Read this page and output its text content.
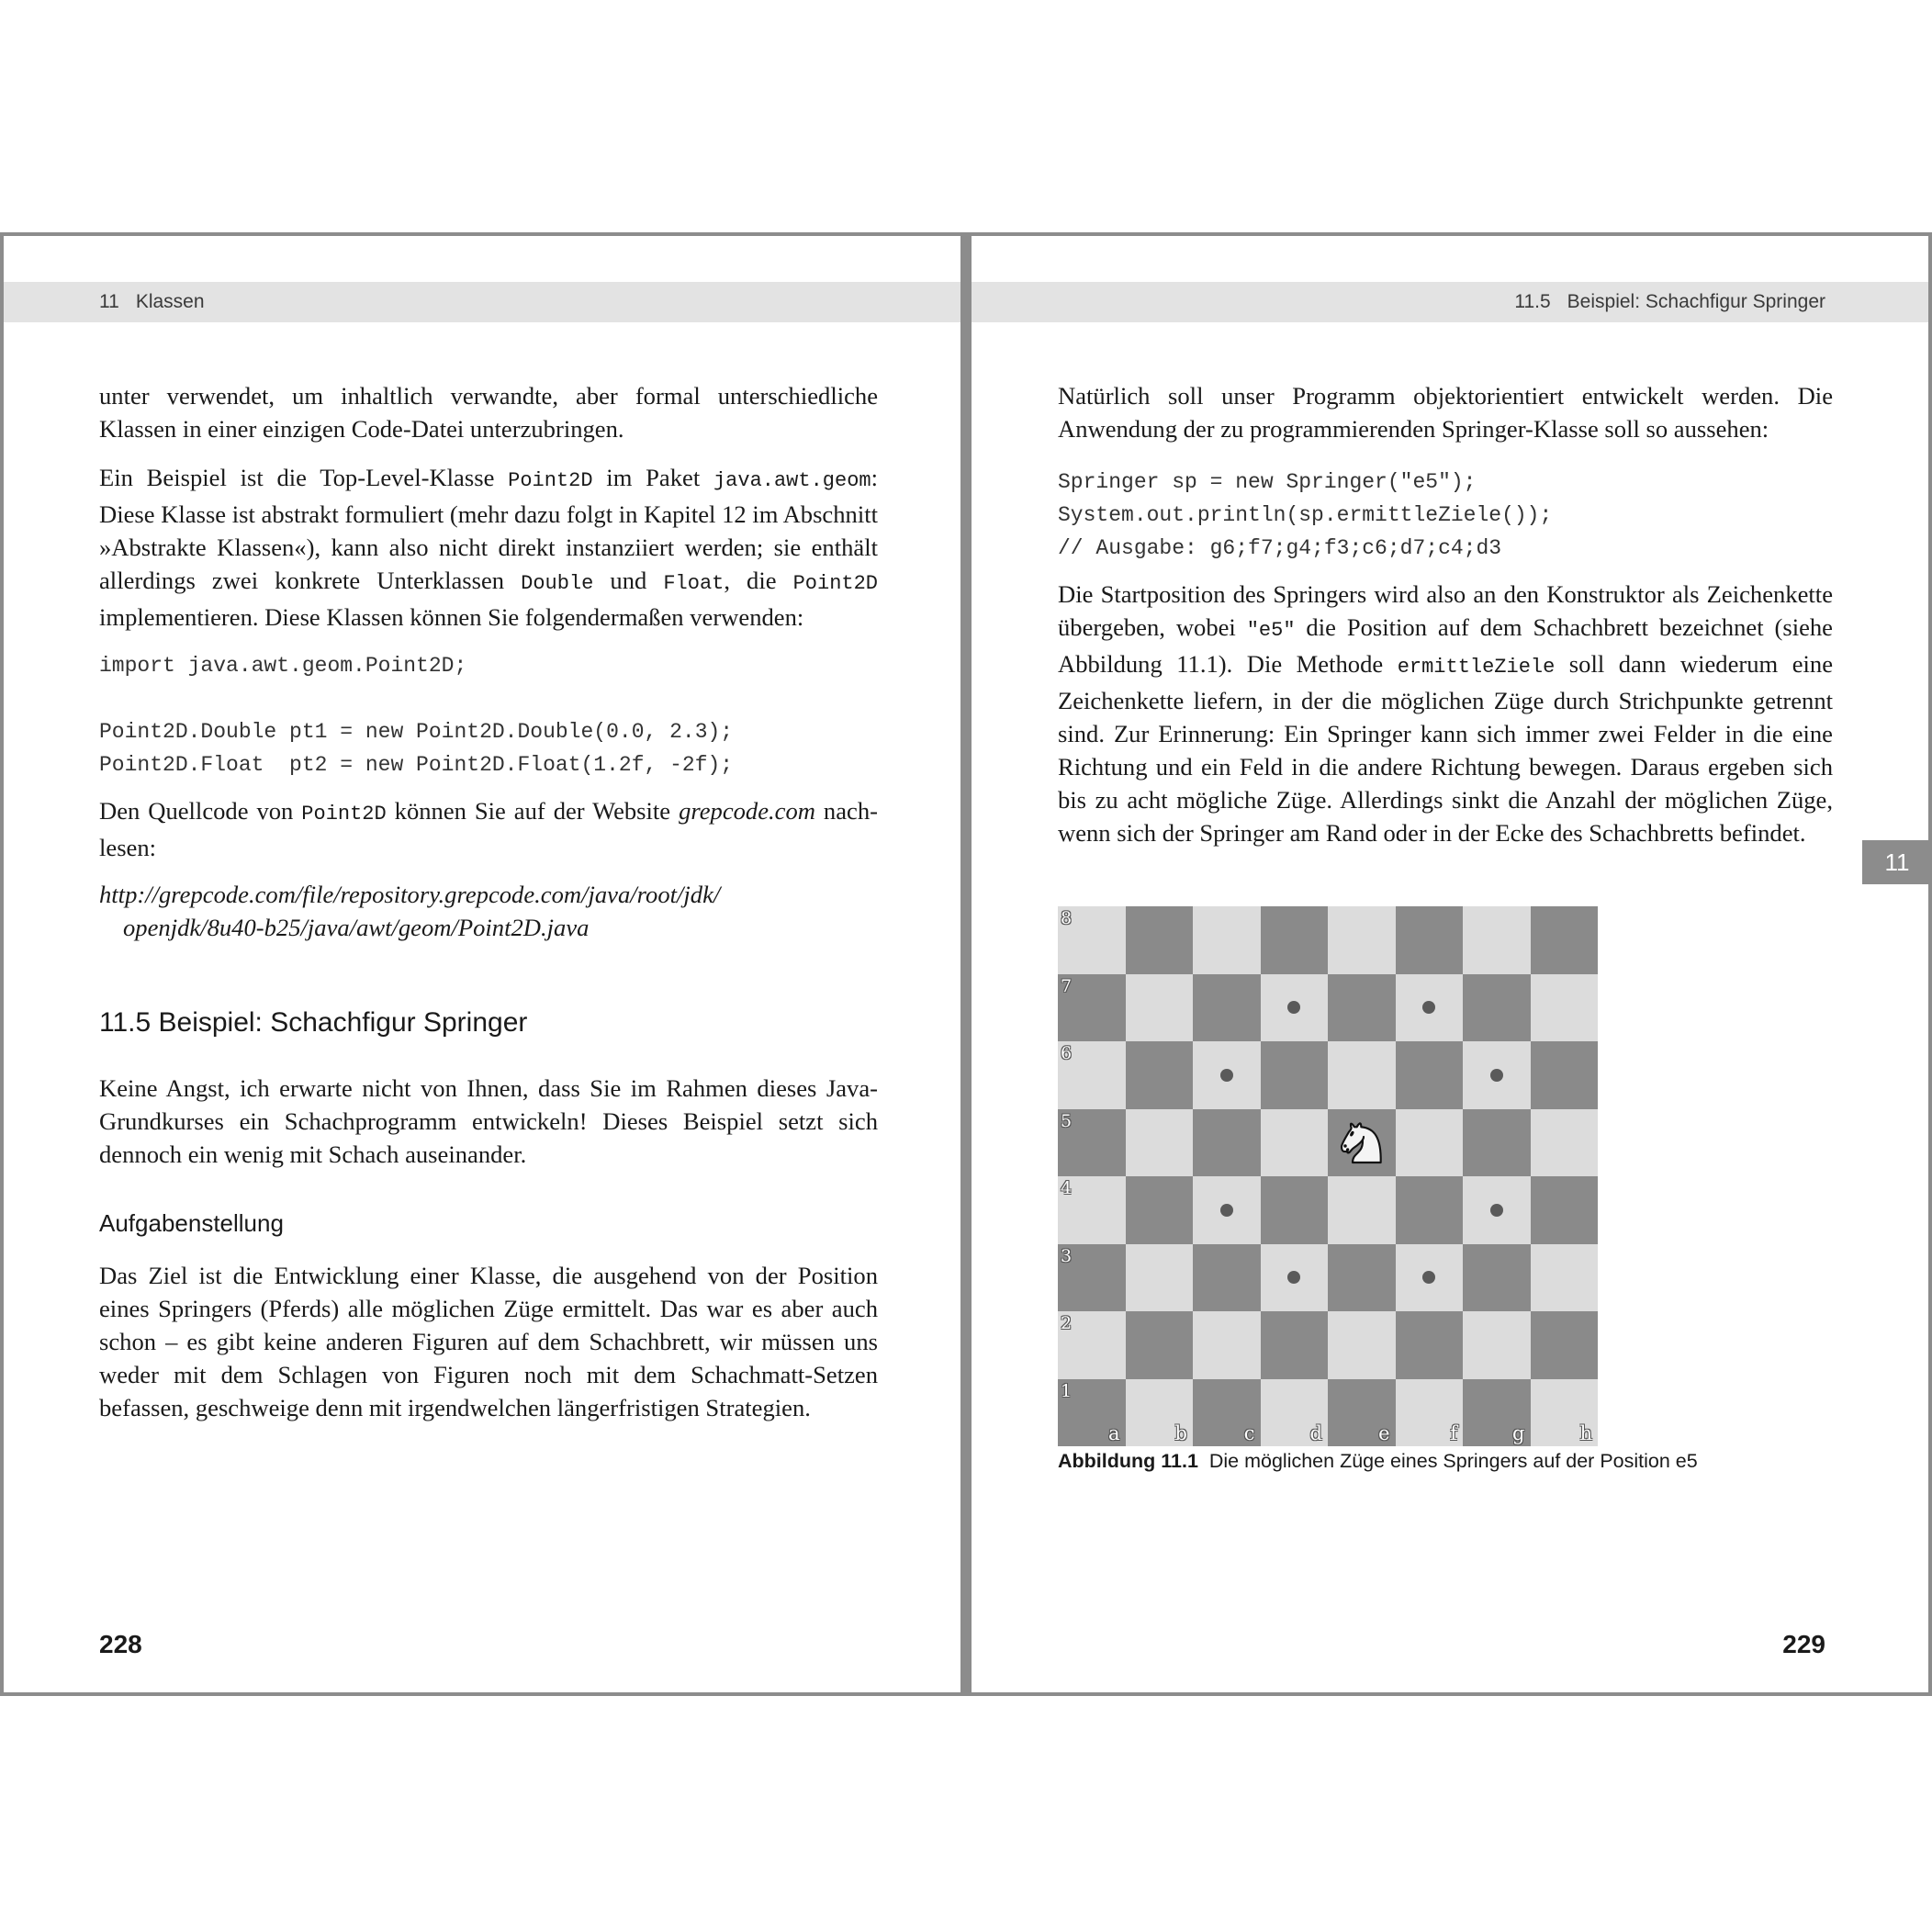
11 Klassen
unter verwendet, um inhaltlich verwandte, aber formal unterschiedliche Klassen in einer einzigen Code-Datei unterzubringen.
Ein Beispiel ist die Top-Level-Klasse Point2D im Paket java.awt.geom: Diese Klasse ist abstrakt formuliert (mehr dazu folgt in Kapitel 12 im Abschnitt »Abstrakte Klassen«), kann also nicht direkt instanziiert werden; sie enthält allerdings zwei konkrete Unterklassen Double und Float, die Point2D implementieren. Diese Klassen können Sie folgendermaßen verwenden:
import java.awt.geom.Point2D;

Point2D.Double pt1 = new Point2D.Double(0.0, 2.3);
Point2D.Float  pt2 = new Point2D.Float(1.2f, -2f);
Den Quellcode von Point2D können Sie auf der Website grepcode.com nachlesen:
http://grepcode.com/file/repository.grepcode.com/java/root/jdk/
openjdk/8u40-b25/java/awt/geom/Point2D.java
11.5 Beispiel: Schachfigur Springer
Keine Angst, ich erwarte nicht von Ihnen, dass Sie im Rahmen dieses Java-Grundkurses ein Schachprogramm entwickeln! Dieses Beispiel setzt sich dennoch ein wenig mit Schach auseinander.
Aufgabenstellung
Das Ziel ist die Entwicklung einer Klasse, die ausgehend von der Position eines Springers (Pferds) alle möglichen Züge ermittelt. Das war es aber auch schon – es gibt keine anderen Figuren auf dem Schachbrett, wir müssen uns weder mit dem Schlagen von Figuren noch mit dem Schachmatt-Setzen befassen, geschweige denn mit irgendwelchen längerfristigen Strategien.
228
11.5 Beispiel: Schachfigur Springer
Natürlich soll unser Programm objektorientiert entwickelt werden. Die Anwendung der zu programmierenden Springer-Klasse soll so aussehen:
Springer sp = new Springer("e5");
System.out.println(sp.ermittleZiele());
// Ausgabe: g6;f7;g4;f3;c6;d7;c4;d3
Die Startposition des Springers wird also an den Konstruktor als Zeichenkette übergeben, wobei "e5" die Position auf dem Schachbrett bezeichnet (siehe Abbildung 11.1). Die Methode ermittleZiele soll dann wiederum eine Zeichenkette liefern, in der die möglichen Züge durch Strichpunkte getrennt sind. Zur Erinnerung: Ein Springer kann sich immer zwei Felder in die eine Richtung und ein Feld in die andere Richtung bewegen. Daraus ergeben sich bis zu acht mögliche Züge. Allerdings sinkt die Anzahl der möglichen Züge, wenn sich der Springer am Rand oder in der Ecke des Schachbretts befindet.
11
8
7
6
5
4
3
2
1
a	b	c	d	e	f	g	h
Abbildung 11.1 Die möglichen Züge eines Springers auf der Position e5
229
